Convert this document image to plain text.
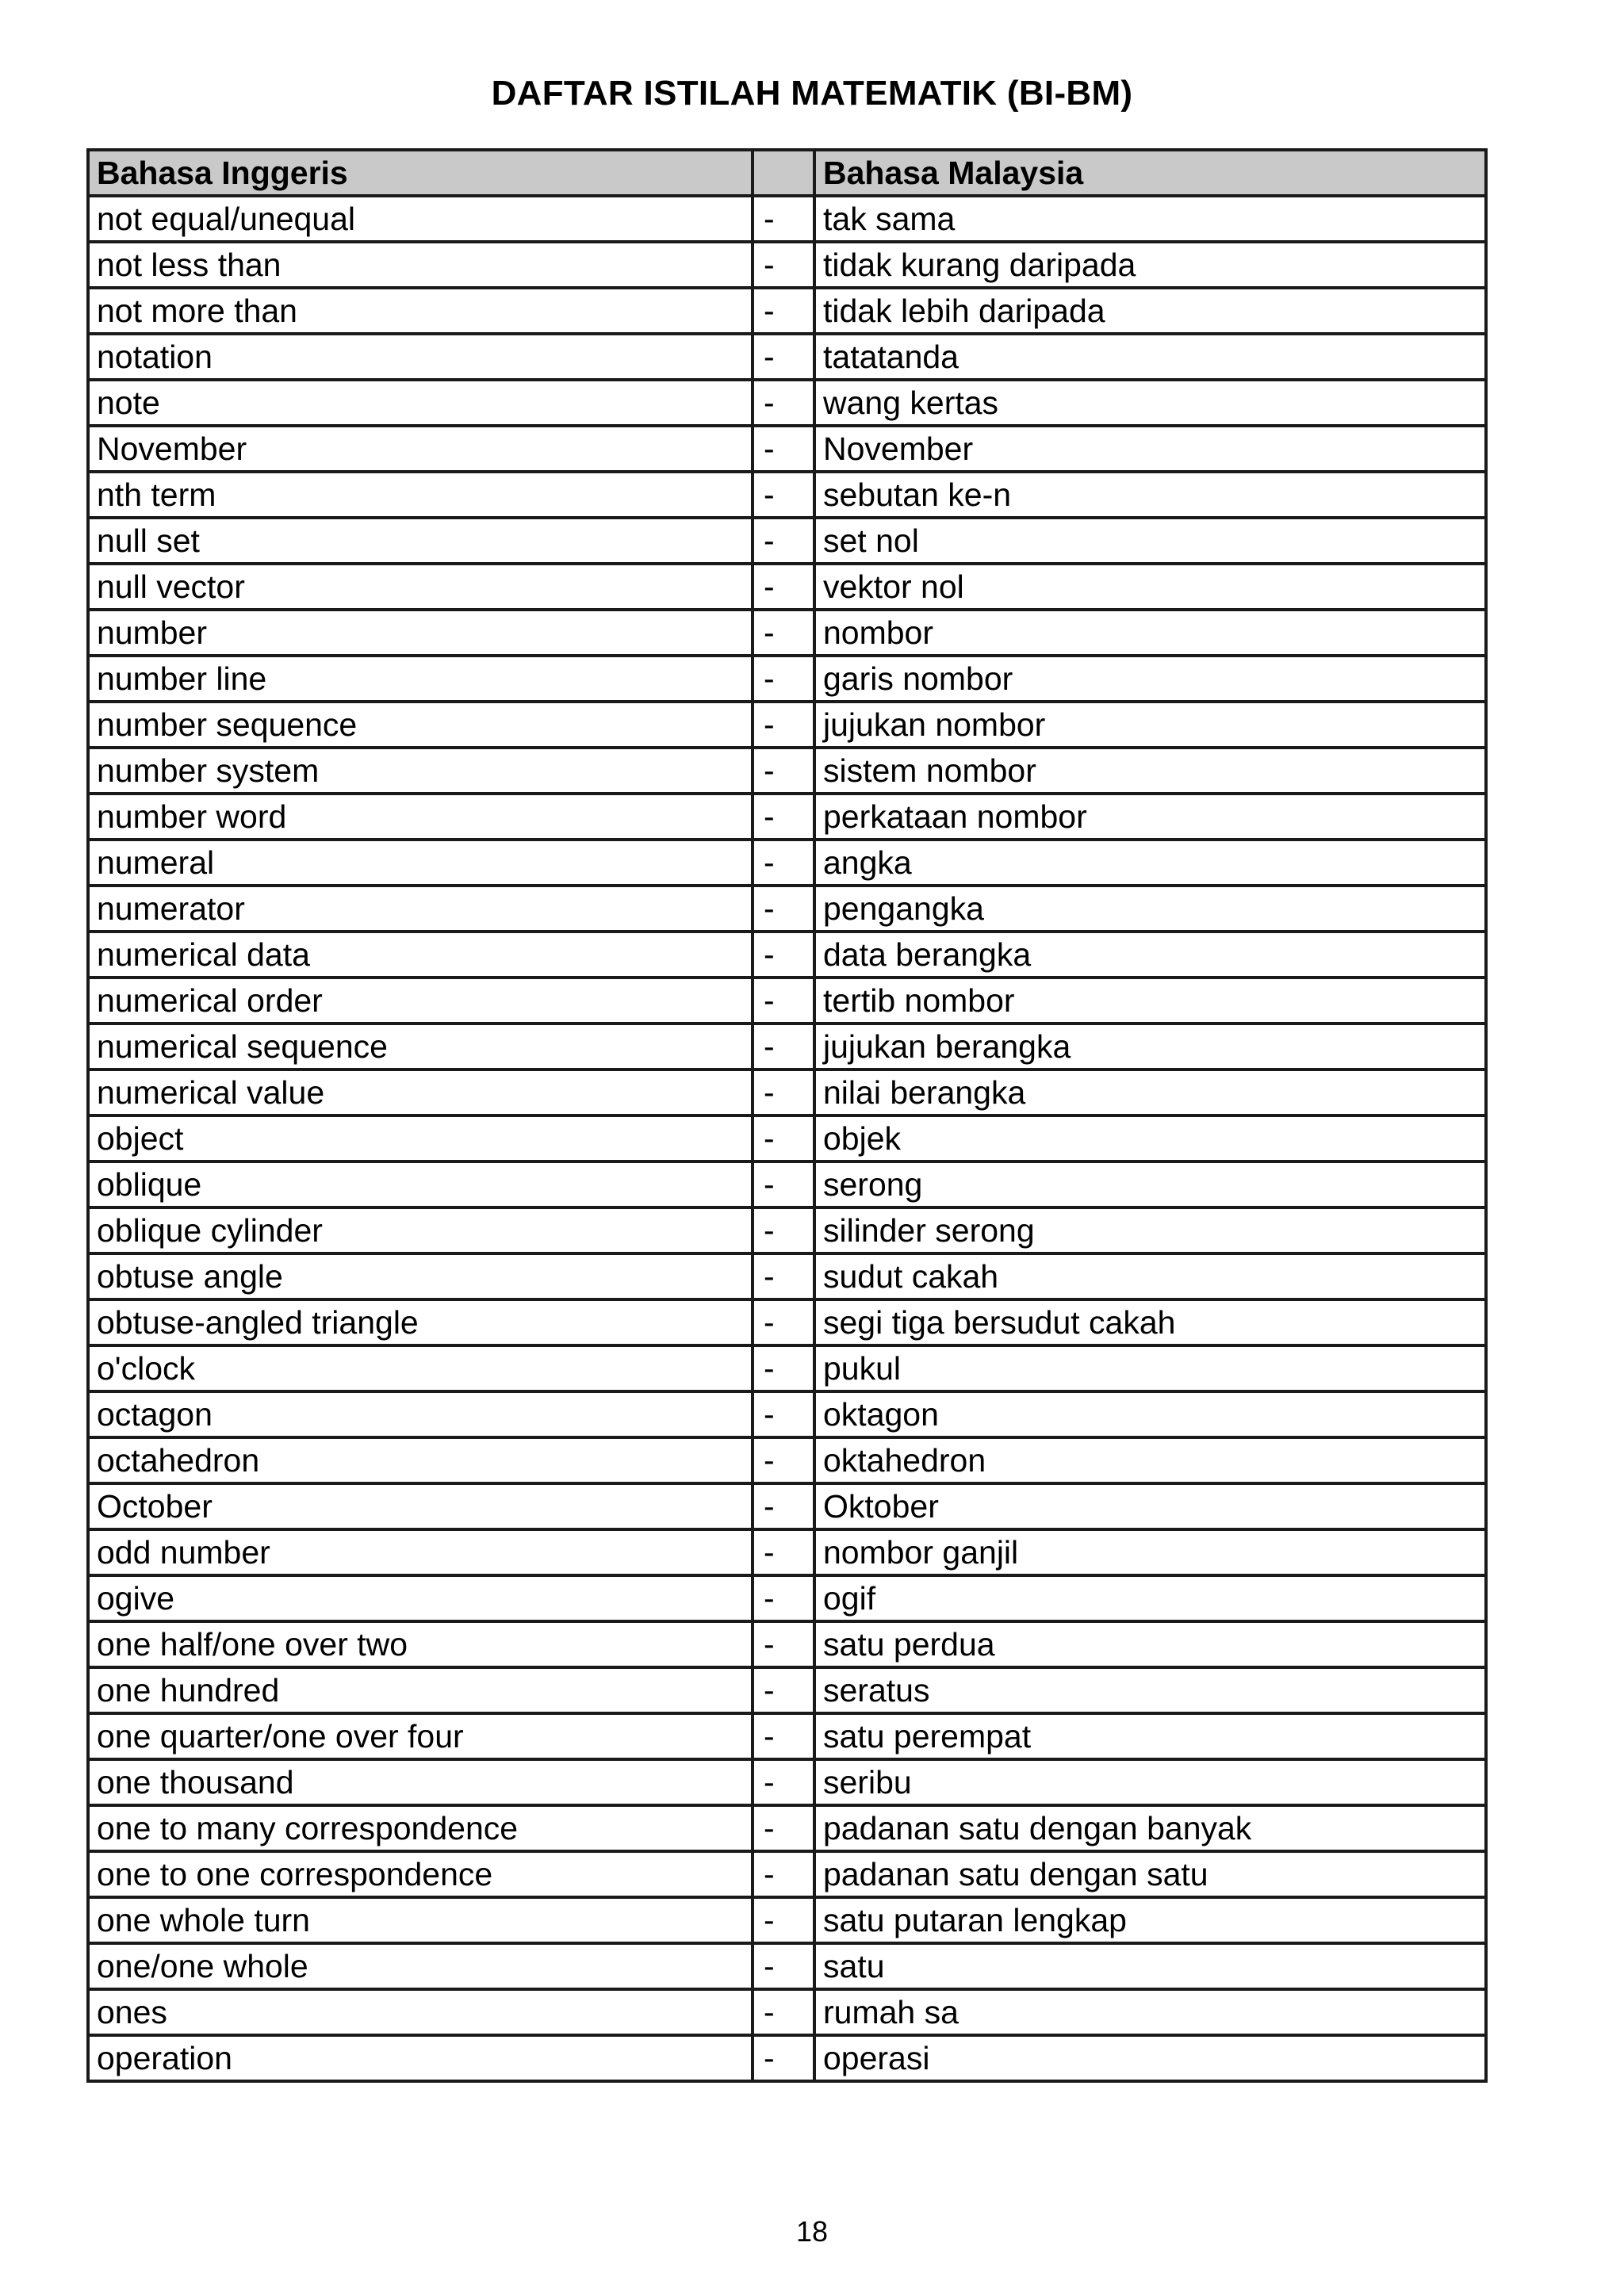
DAFTAR ISTILAH MATEMATIK (BI-BM)
Bahasa Inggeris		Bahasa Malaysia
not equal/unequal	-	tak sama
not less than	-	tidak kurang daripada
not more than	-	tidak lebih daripada
notation	-	tatatanda
note	-	wang kertas
November	-	November
nth term	-	sebutan ke-n
null set	-	set nol
null vector	-	vektor nol
number	-	nombor
number line	-	garis nombor
number sequence	-	jujukan nombor
number system	-	sistem nombor
number word	-	perkataan nombor
numeral	-	angka
numerator	-	pengangka
numerical data	-	data berangka
numerical order	-	tertib nombor
numerical sequence	-	jujukan berangka
numerical value	-	nilai berangka
object	-	objek
oblique	-	serong
oblique cylinder	-	silinder serong
obtuse angle	-	sudut cakah
obtuse-angled triangle	-	segi tiga bersudut cakah
o'clock	-	pukul
octagon	-	oktagon
octahedron	-	oktahedron
October	-	Oktober
odd number	-	nombor ganjil
ogive	-	ogif
one half/one over two	-	satu perdua
one hundred	-	seratus
one quarter/one over four	-	satu perempat
one thousand	-	seribu
one to many correspondence	-	padanan satu dengan banyak
one to one correspondence	-	padanan satu dengan satu
one whole turn	-	satu putaran lengkap
one/one whole	-	satu
ones	-	rumah sa
operation	-	operasi
18
